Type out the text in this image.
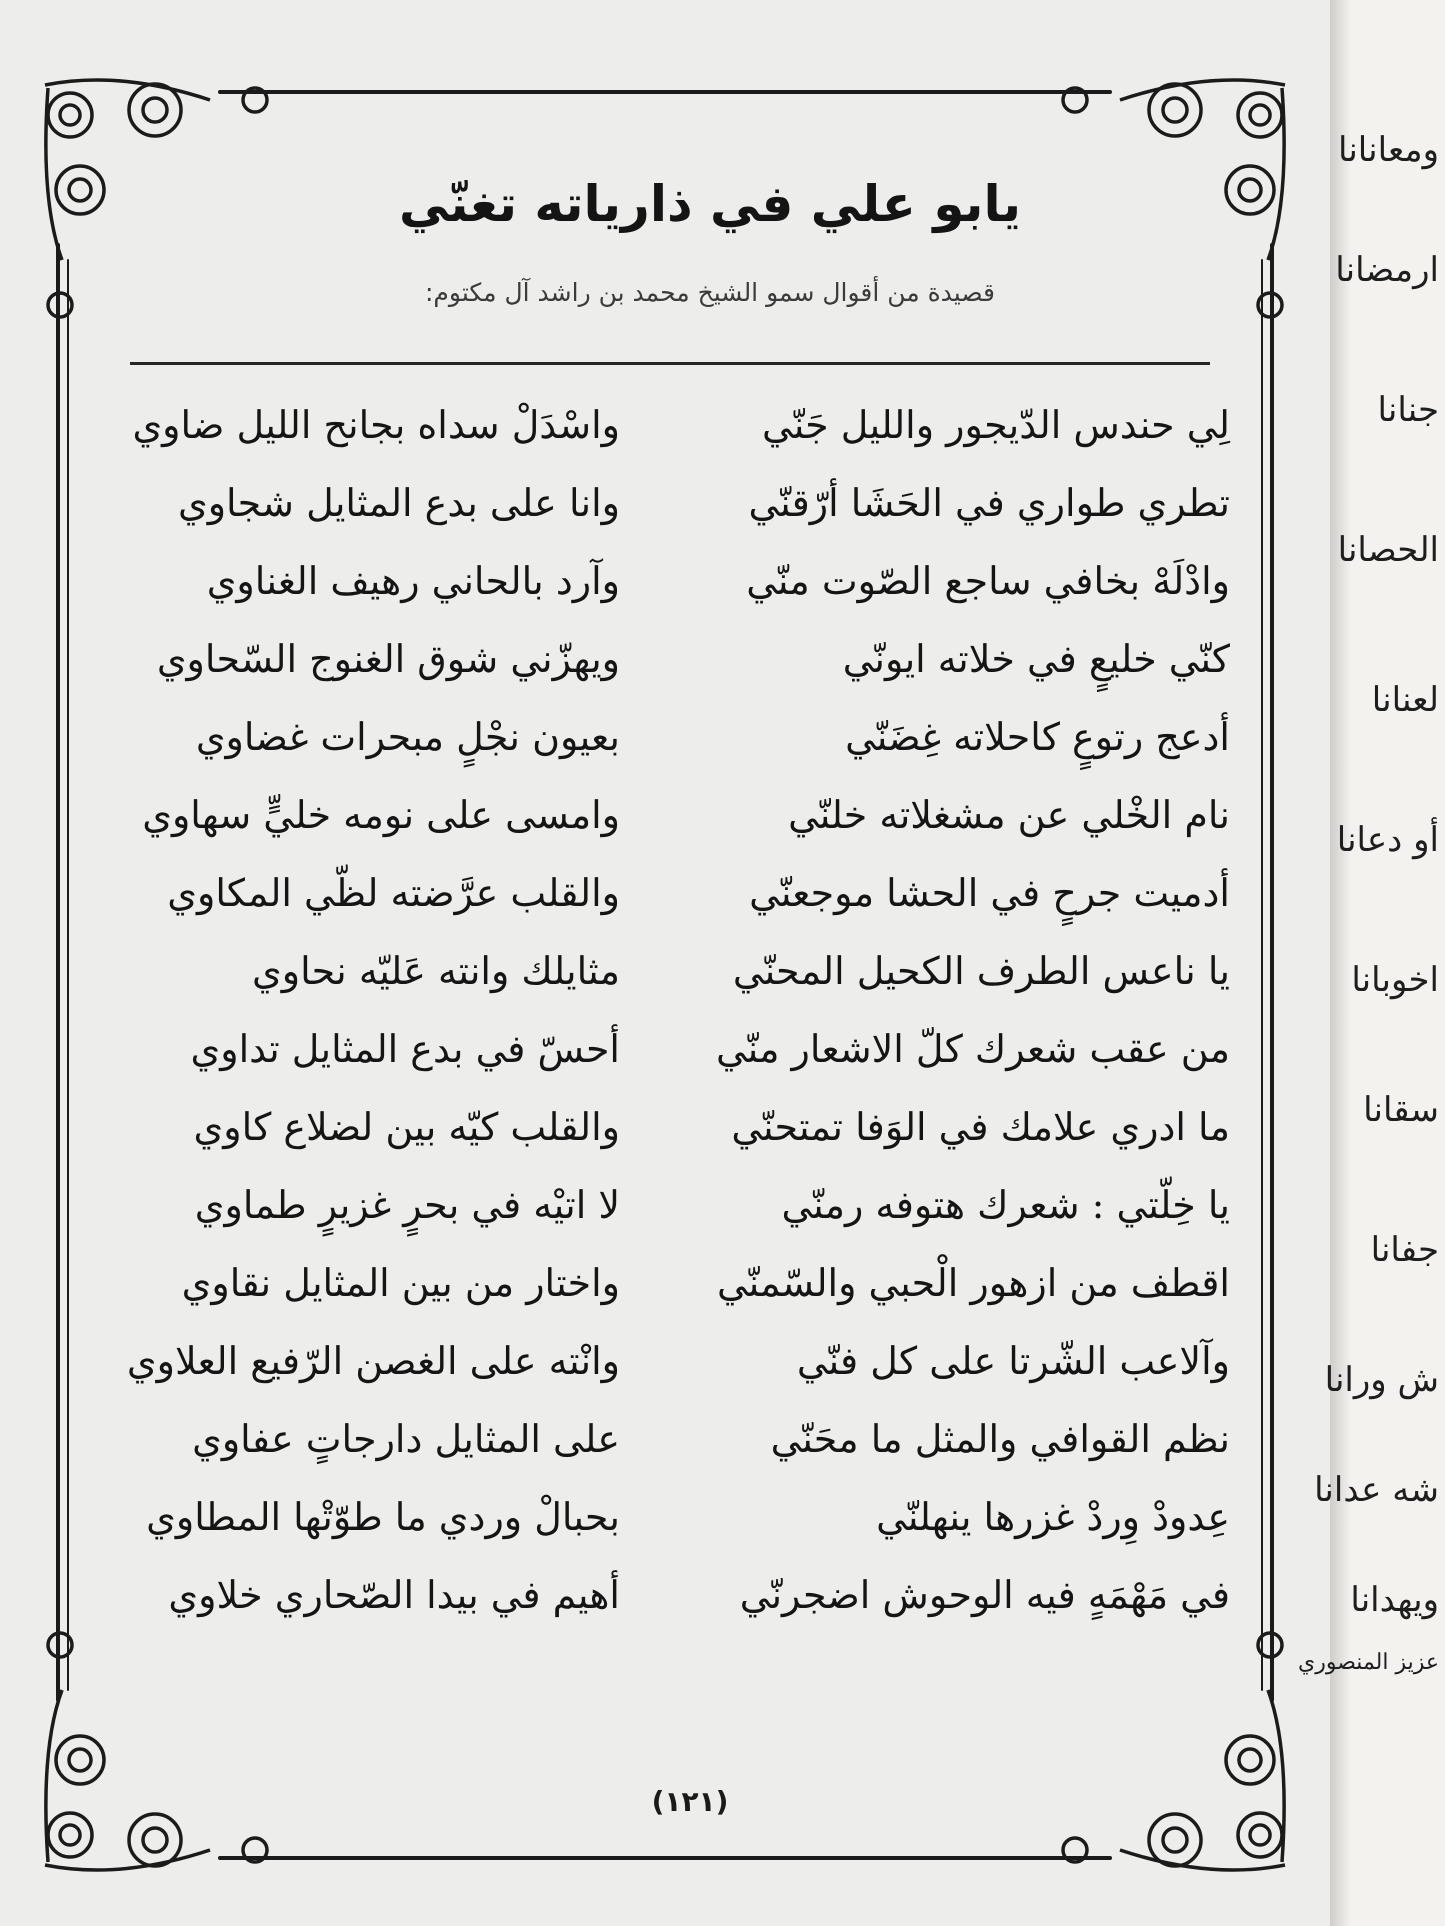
يابو علي في ذارياته تغنّي
قصيدة من أقوال سمو الشيخ محمد بن راشد آل مكتوم:
لِي حندس الدّيجور والليل جَنّي
واسْدَلْ سداه بجانح الليل ضاوي
تطري طواري في الحَشَا أرّقنّي
وانا على بدع المثايل شجاوي
وادْلَهْ بخافي ساجع الصّوت منّي
وآرد بالحاني رهيف الغناوي
كنّي خليعٍ في خلاته ايونّي
ويهزّني شوق الغنوج السّحاوي
أدعج رتوعٍ كاحلاته غِضَنّي
بعيون نجْلٍ مبحرات غضاوي
نام الخْلي عن مشغلاته خلنّي
وامسى على نومه خليٍّ سهاوي
أدميت جرحٍ في الحشا موجعنّي
والقلب عرَّضته لظّي المكاوي
يا ناعس الطرف الكحيل المحنّي
مثايلك وانته عَليّه نحاوي
من عقب شعرك كلّ الاشعار منّي
أحسّ في بدع المثايل تداوي
ما ادري علامك في الوَفا تمتحنّي
والقلب كيّه بين لضلاع كاوي
يا خِلّتي : شعرك هتوفه رمنّي
لا اتيْه في بحرٍ غزيرٍ طماوي
اقطف من ازهور الْحبي والسّمنّي
واختار من بين المثايل نقاوي
وآلاعب الشّرتا على كل فنّي
وانْته على الغصن الرّفيع العلاوي
نظم القوافي والمثل ما محَنّي
على المثايل دارجاتٍ عفاوي
عِدودْ وِردْ غزرها ينهلنّي
بحبالْ وردي ما طوّتْها المطاوي
في مَهْمَهٍ فيه الوحوش اضجرنّي
أهيم في بيدا الصّحاري خلاوي
(١٢١)
ومعانانا
ارمضانا
جنانا
الحصانا
لعنانا
أو دعانا
اخوبانا
سقانا
جفانا
ش ورانا
شه عدانا
ويهدانا
عزيز المنصوري
